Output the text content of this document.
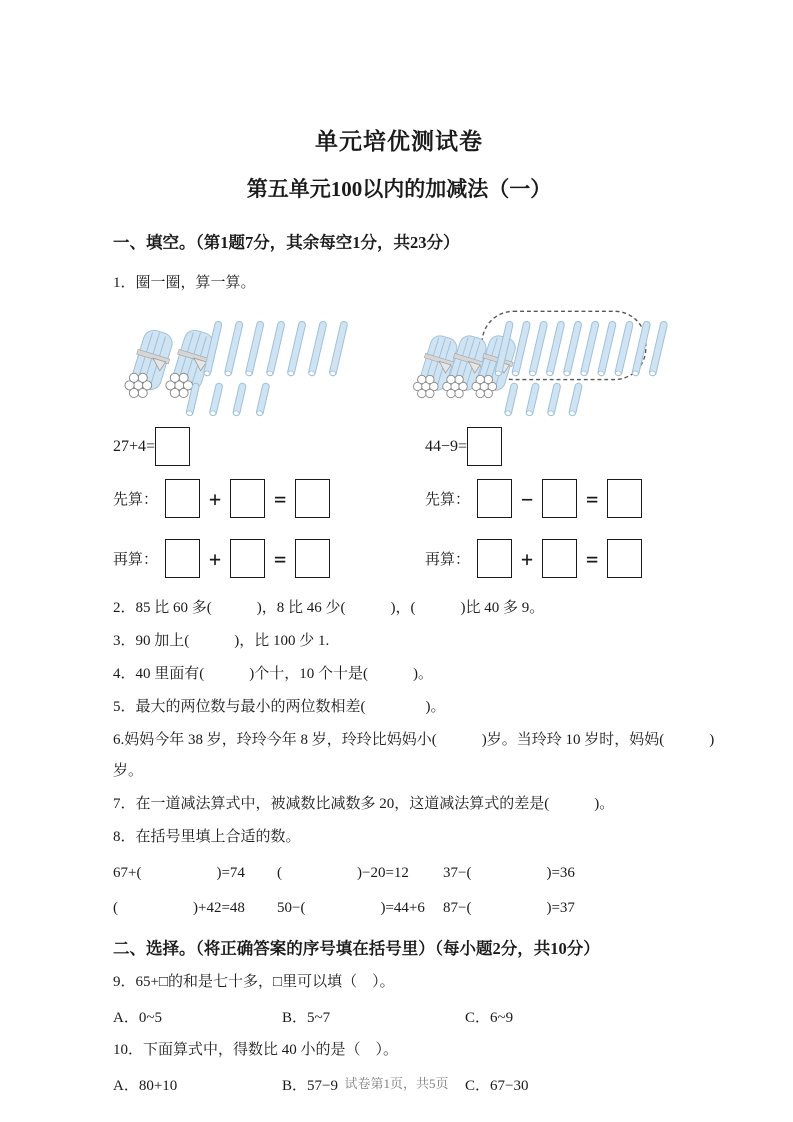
单元培优测试卷
第五单元100以内的加减法（一）
一、填空。（第1题7分，其余每空1分，共23分）

1．圈一圈，算一算。

27+4=	44−9=
先算：	+	=	先算：	−	=
再算：	+	=	再算：	+	=

2．85 比 60 多(　　　)，8 比 46 少(　　　)，(　　　)比 40 多 9。

3．90 加上(　　　)，比 100 少 1.

4．40 里面有(　　　)个十，10 个十是(　　　)。

5．最大的两位数与最小的两位数相差(　　　　)。

6.妈妈今年 38 岁，玲玲今年 8 岁，玲玲比妈妈小(　　　)岁。当玲玲 10 岁时，妈妈(　　　)

岁。

7．在一道减法算式中，被减数比减数多 20，这道减法算式的差是(　　　)。

8．在括号里填上合适的数。

67+(　　　　　)=74	(　　　　　)−20=12	37−(　　　　　)=36
(　　　　　)+42=48	50−(　　　　　)=44+6	87−(　　　　　)=37
二、选择。（将正确答案的序号填在括号里）（每小题2分，共10分）

9．65+□的和是七十多，□里可以填（　）。

A．0~5	B．5~7	C．6~9

10．下面算式中，得数比 40 小的是（　）。

A．80+10	B．57−9	C．67−30
试卷第1页，共5页
